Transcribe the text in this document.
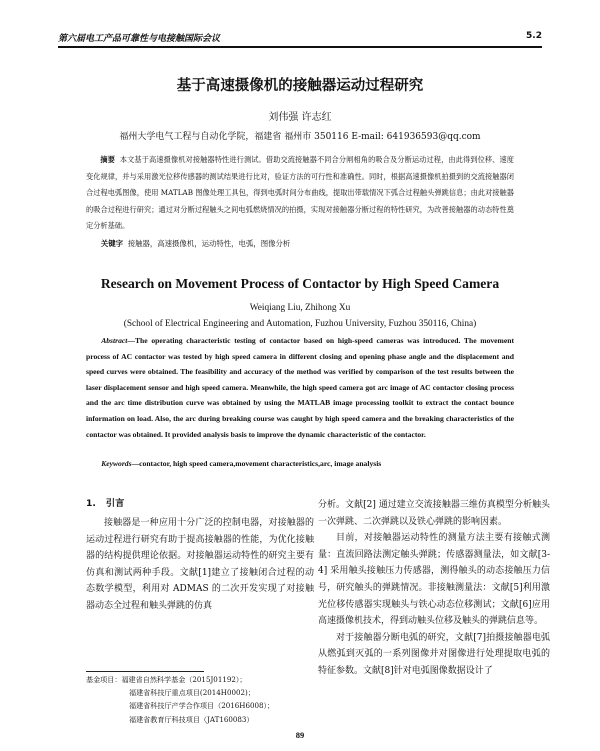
第六届电工产品可靠性与电接触国际会议	5.2
基于高速摄像机的接触器运动过程研究
刘伟强 许志红
福州大学电气工程与自动化学院，福建省 福州市 350116 E-mail: 641936593@qq.com

摘要 本文基于高速摄像机对接触器特性进行测试。借助交流接触器不同合分闸相角的吸合及分断运动过程，由此得到位移、速度变化规律，并与采用激光位移传感器的测试结果进行比对，验证方法的可行性和准确性。同时，根据高速摄像机拍摄到的交流接触器闭合过程电弧图像，使用 MATLAB 图像处理工具包，得到电弧时间分布曲线，提取出带载情况下弧合过程触头弹跳信息；由此对接触器的吸合过程进行研究；通过对分断过程触头之间电弧燃烧情况的拍摄，实现对接触器分断过程的特性研究，为改善接触器的动态特性奠定分析基础。

关键字 接触器，高速摄像机，运动特性，电弧，图像分析

Research on Movement Process of Contactor by High Speed Camera
Weiqiang Liu, Zhihong Xu
(School of Electrical Engineering and Automation, Fuzhou University, Fuzhou 350116, China)

Abstract—The operating characteristic testing of contactor based on high-speed cameras was introduced. The movement process of AC contactor was tested by high speed camera in different closing and opening phase angle and the displacement and speed curves were obtained. The feasibility and accuracy of the method was verified by comparison of the test results between the laser displacement sensor and high speed camera. Meanwhile, the high speed camera got arc image of AC contactor closing process and the arc time distribution curve was obtained by using the MATLAB image processing toolkit to extract the contact bounce information on load. Also, the arc during breaking course was caught by high speed camera and the breaking characteristics of the contactor was obtained. It provided analysis basis to improve the dynamic characteristic of the contactor.

Keywords—contactor, high speed camera,movement characteristics,arc, image analysis

1. 引言

接触器是一种应用十分广泛的控制电器，对接触器的运动过程进行研究有助于提高接触器的性能，为优化接触器的结构提供理论依据。对接触器运动特性的研究主要有仿真和测试两种手段。文献[1]建立了接触闭合过程的动态数学模型，利用对 ADMAS 的二次开发实现了对接触器动态全过程和触头弹跳的仿真

分析。文献[2] 通过建立交流接触器三维仿真模型分析触头一次弹跳、二次弹跳以及铁心弹跳的影响因素。

目前，对接触器运动特性的测量方法主要有接触式测量：直流回路法测定触头弹跳；传感器测量法，如文献[3-4] 采用触头接触压力传感器，测得触头的动态接触压力信号，研究触头的弹跳情况。非接触测量法：文献[5]利用激光位移传感器实现触头与铁心动态位移测试；文献[6]应用高速摄像机技术，得到动触头位移及触头的弹跳信息等。

对于接触器分断电弧的研究，文献[7]拍摄接触器电弧从燃弧到灭弧的一系列图像并对图像进行处理提取电弧的特征参数。文献[8]针对电弧图像数据设计了

基金项目：福建省自然科学基金（2015J01192）；
福建省科技厅重点项目(2014H0002)；
福建省科技厅产学合作项目（2016H6008）；
福建省教育厅科技项目（JAT160083）
89
